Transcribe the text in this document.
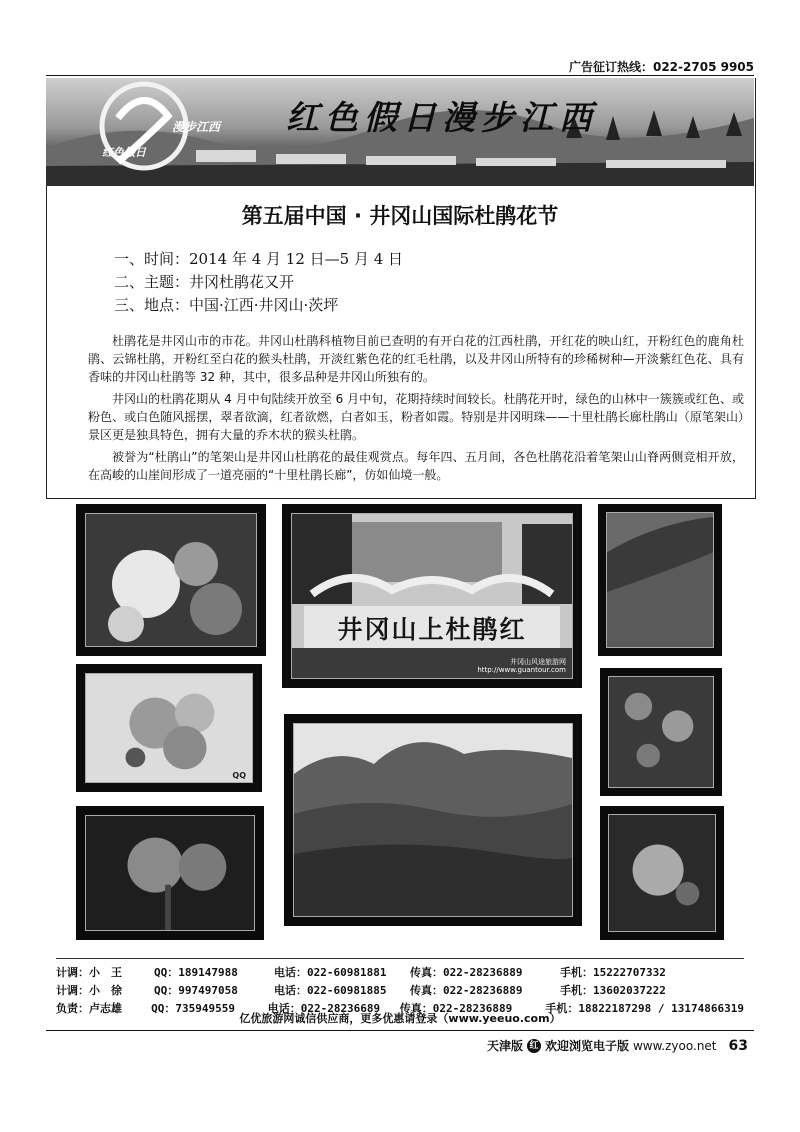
广告征订热线：022-2705 9905
漫步江西
红色假日
红色假日漫步江西
第五届中国 · 井冈山国际杜鹃花节
一、时间：2014 年 4 月 12 日—5 月 4 日
二、主题：井冈杜鹃花又开
三、地点：中国·江西·井冈山·茨坪

杜鹃花是井冈山市的市花。井冈山杜鹃科植物目前已查明的有开白花的江西杜鹃，开红花的映山红，开粉红色的鹿角杜鹃、云锦杜鹃，开粉红至白花的猴头杜鹃，开淡红紫色花的红毛杜鹃，以及井冈山所特有的珍稀树种—开淡紫红色花、具有香味的井冈山杜鹃等 32 种，其中，很多品种是井冈山所独有的。

井冈山的杜鹃花期从 4 月中旬陆续开放至 6 月中旬，花期持续时间较长。杜鹃花开时，绿色的山林中一簇簇或红色、或粉色、或白色随风摇摆，翠者欲滴，红者欲燃，白者如玉，粉者如霞。特别是井冈明珠——十里杜鹃长廊杜鹃山（原笔架山）景区更是独具特色，拥有大量的乔木状的猴头杜鹃。

被誉为“杜鹃山”的笔架山是井冈山杜鹃花的最佳观赏点。每年四、五月间，各色杜鹃花沿着笔架山山脊两侧竞相开放，在高峻的山崖间形成了一道亮丽的“十里杜鹃长廊”，仿如仙境一般。

QQ
井冈山上杜鹃红
井冈山风途旅游网 http://www.guantour.com
计调：小　王	QQ：189147988	电话：022-60981881	传真：022-28236889	手机：15222707332
计调：小　徐	QQ：997497058	电话：022-60981885	传真：022-28236889	手机：13602037222
负责：卢志雄	QQ：735949559	电话：022-28236689	传真：022-28236889	手机：18822187298 / 13174866319
亿优旅游网诚信供应商，更多优惠请登录（www.yeeuo.com）
天津版 红 欢迎浏览电子版 www.zyoo.net 63
